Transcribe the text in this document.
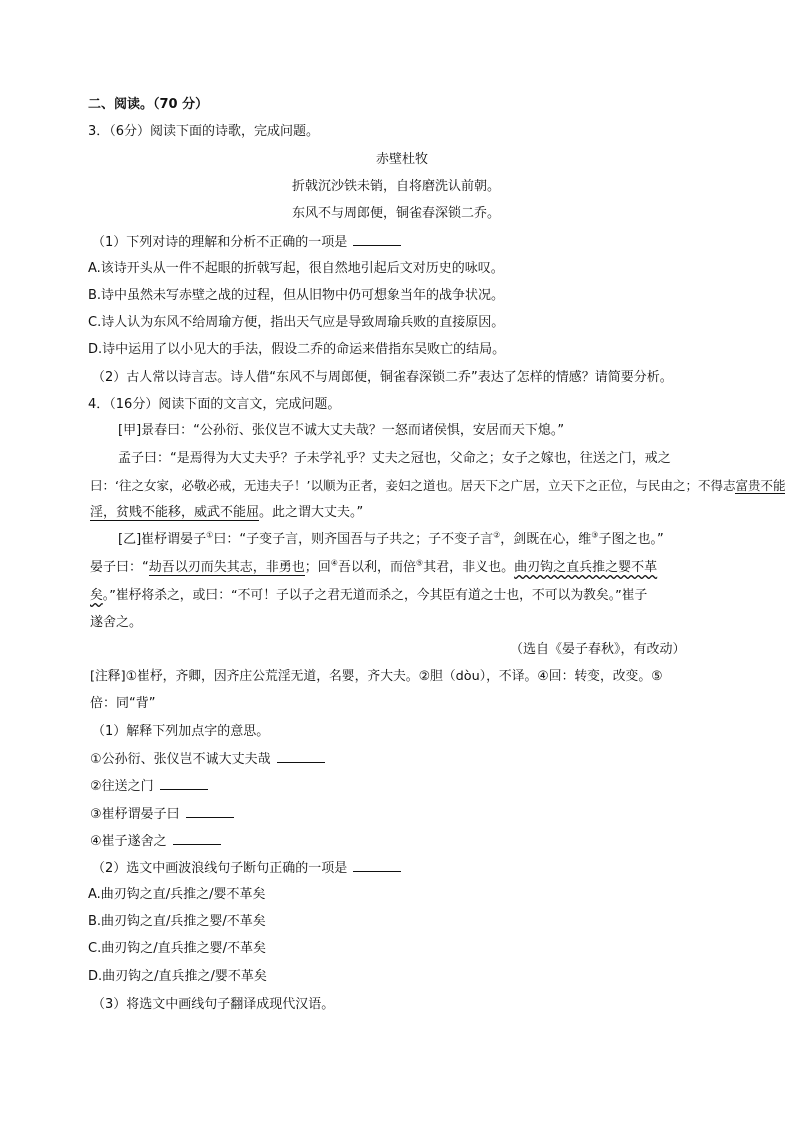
二、阅读。（70 分）
3．（6分）阅读下面的诗歌，完成问题。
赤壁杜牧
折戟沉沙铁未销，自将磨洗认前朝。
东风不与周郎便，铜雀春深锁二乔。
（1）下列对诗的理解和分析不正确的一项是
A.该诗开头从一件不起眼的折戟写起，很自然地引起后文对历史的咏叹。
B.诗中虽然未写赤壁之战的过程，但从旧物中仍可想象当年的战争状况。
C.诗人认为东风不给周瑜方便，指出天气应是导致周瑜兵败的直接原因。
D.诗中运用了以小见大的手法，假设二乔的命运来借指东吴败亡的结局。
（2）古人常以诗言志。诗人借“东风不与周郎便，铜雀春深锁二乔”表达了怎样的情感？请简要分析。
4．（16分）阅读下面的文言文，完成问题。
[甲]景春曰：“公孙衍、张仪岂不诚大丈夫哉？一怒而诸侯惧，安居而天下熄。”
孟子曰：“是焉得为大丈夫乎？子未学礼乎？丈夫之冠也，父命之；女子之嫁也，往送之门，戒之
曰：‘往之女家，必敬必戒，无违夫子！’以顺为正者，妾妇之道也。居天下之广居，立天下之正位，与民由之；不得志富贵不能
淫，贫贱不能移，威武不能屈。此之谓大丈夫。”
[乙]崔杼谓晏子①曰：“子变子言，则齐国吾与子共之；子不变子言②，剑既在心，维③子图之也。”
晏子曰：“劫吾以刃而失其志，非勇也；回④吾以利，而倍⑤其君，非义也。曲刃钩之直兵推之婴不革
矣。”崔杼将杀之，或曰：“不可！子以子之君无道而杀之，今其臣有道之士也，不可以为教矣。”崔子
遂舍之。
（选自《晏子春秋》，有改动）
[注释]①崔杼，齐卿，因齐庄公荒淫无道，名婴，齐大夫。②胆（dòu），不译。④回：转变，改变。⑤
倍：同“背”
（1）解释下列加点字的意思。
①公孙衍、张仪岂不诚大丈夫哉
②往送之门
③崔杼谓晏子曰
④崔子遂舍之
（2）选文中画波浪线句子断句正确的一项是
A.曲刃钩之直/兵推之/婴不革矣
B.曲刃钩之直/兵推之婴/不革矣
C.曲刃钩之/直兵推之婴/不革矣
D.曲刃钩之/直兵推之/婴不革矣
（3）将选文中画线句子翻译成现代汉语。
